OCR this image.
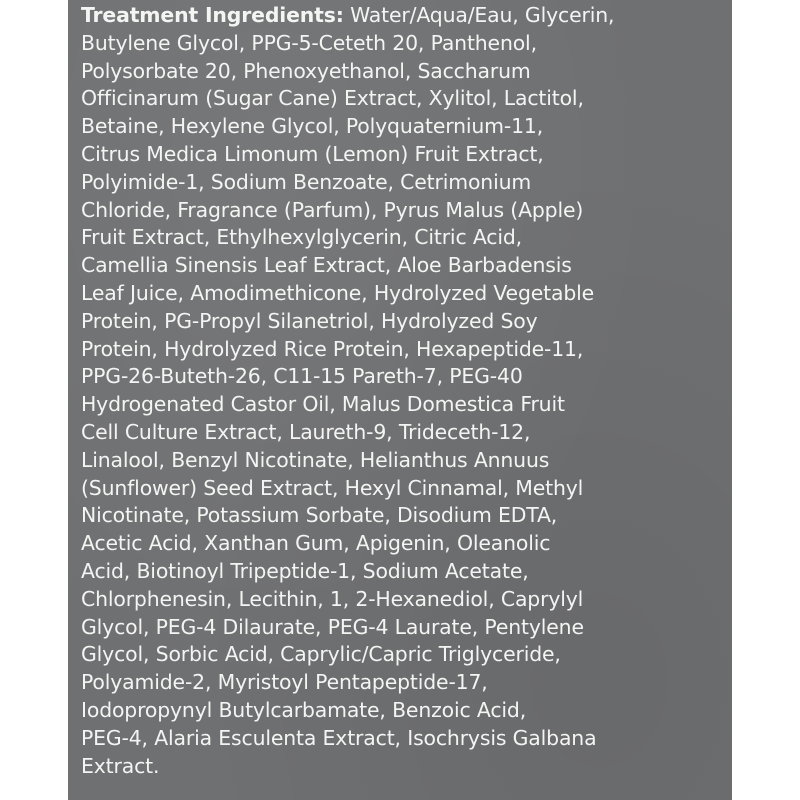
Treatment Ingredients: Water/Aqua/Eau, Glycerin,
Butylene Glycol, PPG-5-Ceteth 20, Panthenol,
Polysorbate 20, Phenoxyethanol, Saccharum
Officinarum (Sugar Cane) Extract, Xylitol, Lactitol,
Betaine, Hexylene Glycol, Polyquaternium-11,
Citrus Medica Limonum (Lemon) Fruit Extract,
Polyimide-1, Sodium Benzoate, Cetrimonium
Chloride, Fragrance (Parfum), Pyrus Malus (Apple)
Fruit Extract, Ethylhexylglycerin, Citric Acid,
Camellia Sinensis Leaf Extract, Aloe Barbadensis
Leaf Juice, Amodimethicone, Hydrolyzed Vegetable
Protein, PG-Propyl Silanetriol, Hydrolyzed Soy
Protein, Hydrolyzed Rice Protein, Hexapeptide-11,
PPG-26-Buteth-26, C11-15 Pareth-7, PEG-40
Hydrogenated Castor Oil, Malus Domestica Fruit
Cell Culture Extract, Laureth-9, Trideceth-12,
Linalool, Benzyl Nicotinate, Helianthus Annuus
(Sunflower) Seed Extract, Hexyl Cinnamal, Methyl
Nicotinate, Potassium Sorbate, Disodium EDTA,
Acetic Acid, Xanthan Gum, Apigenin, Oleanolic
Acid, Biotinoyl Tripeptide-1, Sodium Acetate,
Chlorphenesin, Lecithin, 1, 2-Hexanediol, Caprylyl
Glycol, PEG-4 Dilaurate, PEG-4 Laurate, Pentylene
Glycol, Sorbic Acid, Caprylic/Capric Triglyceride,
Polyamide-2, Myristoyl Pentapeptide-17,
Iodopropynyl Butylcarbamate, Benzoic Acid,
PEG-4, Alaria Esculenta Extract, Isochrysis Galbana
Extract.
